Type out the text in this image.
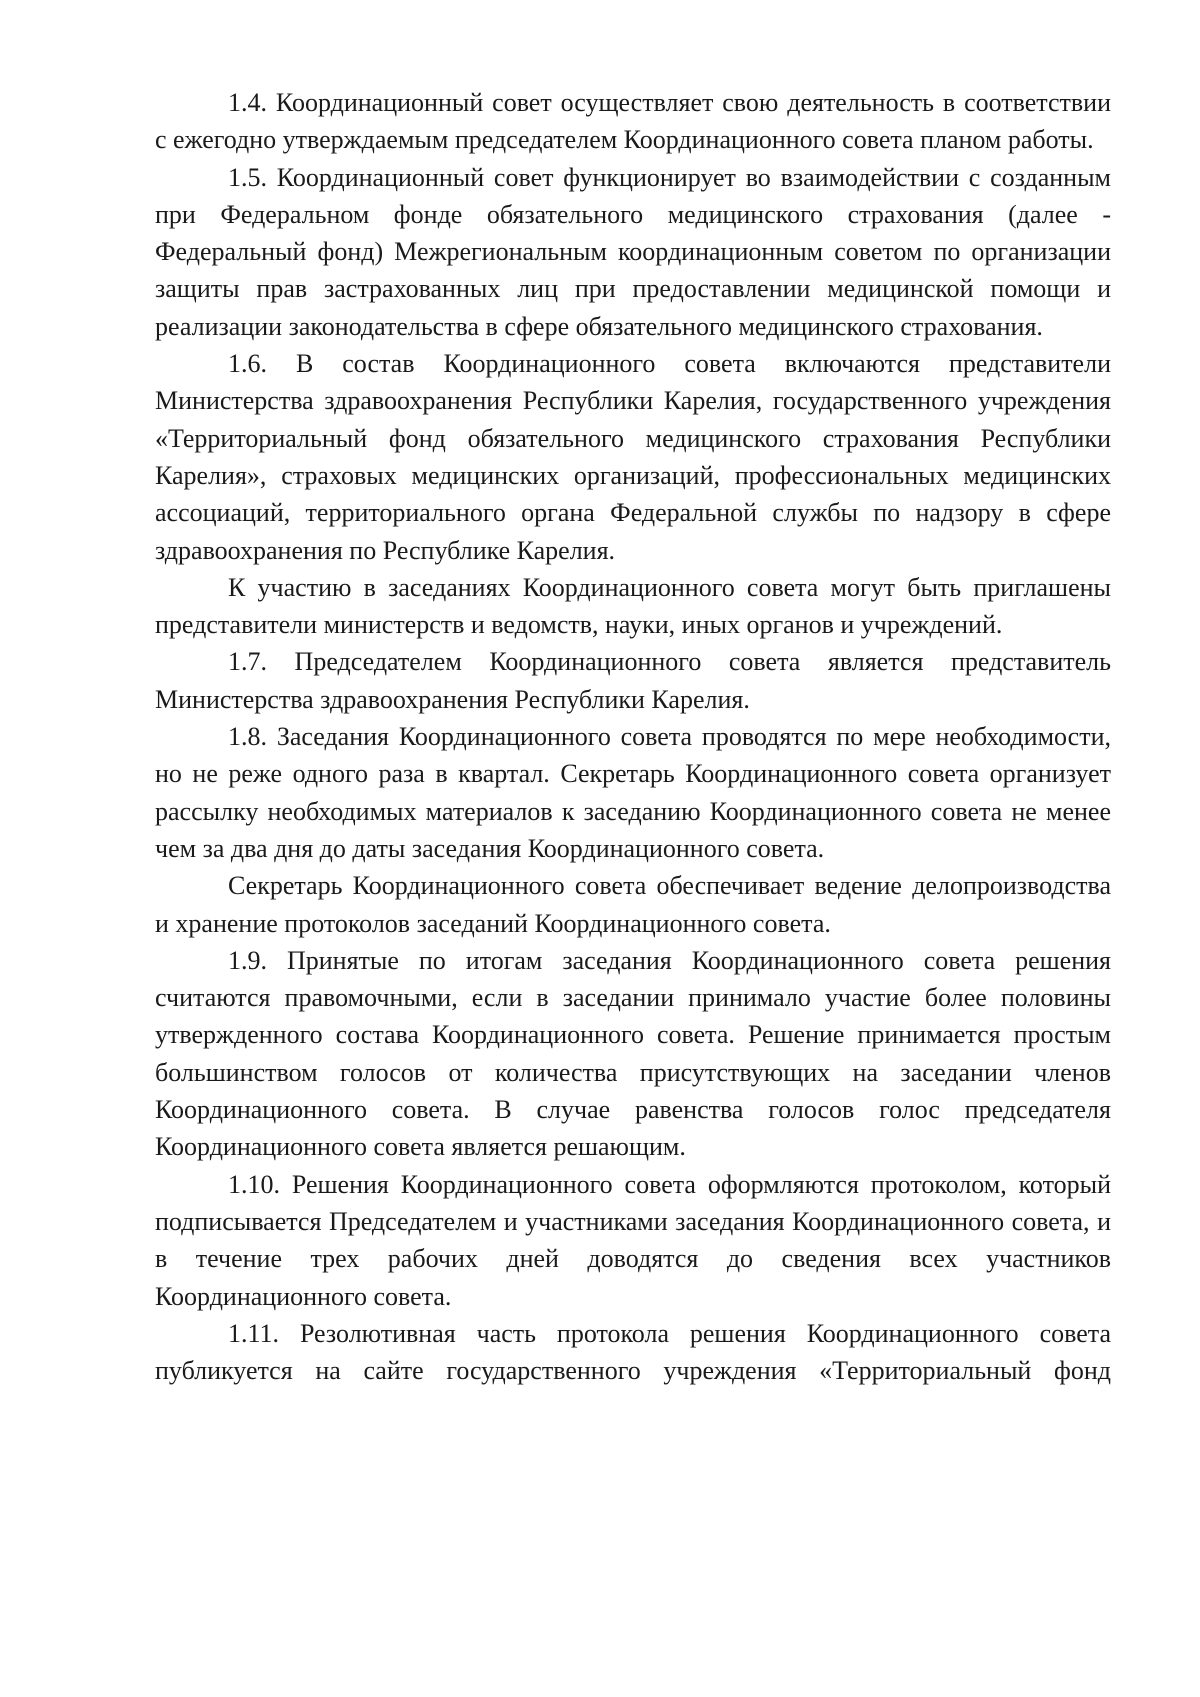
1.4. Координационный совет осуществляет свою деятельность в соответствии с ежегодно утверждаемым председателем Координационного совета планом работы.

1.5. Координационный совет функционирует во взаимодействии с созданным при Федеральном фонде обязательного медицинского страхования (далее - Федеральный фонд) Межрегиональным координационным советом по организации защиты прав застрахованных лиц при предоставлении медицинской помощи и реализации законодательства в сфере обязательного медицинского страхования.

1.6. В состав Координационного совета включаются представители Министерства здравоохранения Республики Карелия, государственного учреждения «Территориальный фонд обязательного медицинского страхования Республики Карелия», страховых медицинских организаций, профессиональных медицинских ассоциаций, территориального органа Федеральной службы по надзору в сфере здравоохранения по Республике Карелия.

К участию в заседаниях Координационного совета могут быть приглашены представители министерств и ведомств, науки, иных органов и учреждений.

1.7. Председателем Координационного совета является представитель Министерства здравоохранения Республики Карелия.

1.8. Заседания Координационного совета проводятся по мере необходимости, но не реже одного раза в квартал. Секретарь Координационного совета организует рассылку необходимых материалов к заседанию Координационного совета не менее чем за два дня до даты заседания Координационного совета.

Секретарь Координационного совета обеспечивает ведение делопроизводства и хранение протоколов заседаний Координационного совета.

1.9. Принятые по итогам заседания Координационного совета решения считаются правомочными, если в заседании принимало участие более половины утвержденного состава Координационного совета. Решение принимается простым большинством голосов от количества присутствующих на заседании членов Координационного совета. В случае равенства голосов голос председателя Координационного совета является решающим.

1.10. Решения Координационного совета оформляются протоколом, который подписывается Председателем и участниками заседания Координационного совета, и в течение трех рабочих дней доводятся до сведения всех участников Координационного совета.

1.11. Резолютивная часть протокола решения Координационного совета публикуется на сайте государственного учреждения «Территориальный фонд
